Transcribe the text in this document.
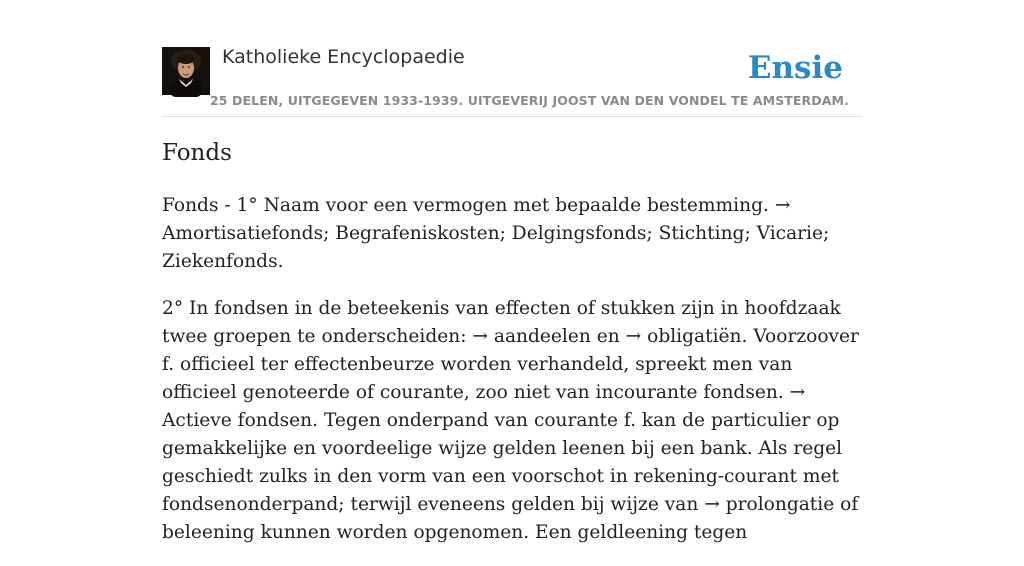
Katholieke Encyclopaedie	Ensie
25 DELEN, UITGEGEVEN 1933-1939. UITGEVERIJ JOOST VAN DEN VONDEL TE AMSTERDAM.
Fonds

Fonds - 1° Naam voor een vermogen met bepaalde bestemming. → Amortisatiefonds; Begrafeniskosten; Delgingsfonds; Stichting; Vicarie; Ziekenfonds.

2° In fondsen in de beteekenis van effecten of stukken zijn in hoofdzaak twee groepen te onderscheiden: → aandeelen en → obligatiën. Voorzoover f. officieel ter effectenbeurze worden verhandeld, spreekt men van officieel genoteerde of courante, zoo niet van incourante fondsen. → Actieve fondsen. Tegen onderpand van courante f. kan de particulier op gemakkelijke en voordeelige wijze gelden leenen bij een bank. Als regel geschiedt zulks in den vorm van een voorschot in rekening-courant met fondsenonderpand; terwijl eveneens gelden bij wijze van → prolongatie of beleening kunnen worden opgenomen. Een geldleening tegen
